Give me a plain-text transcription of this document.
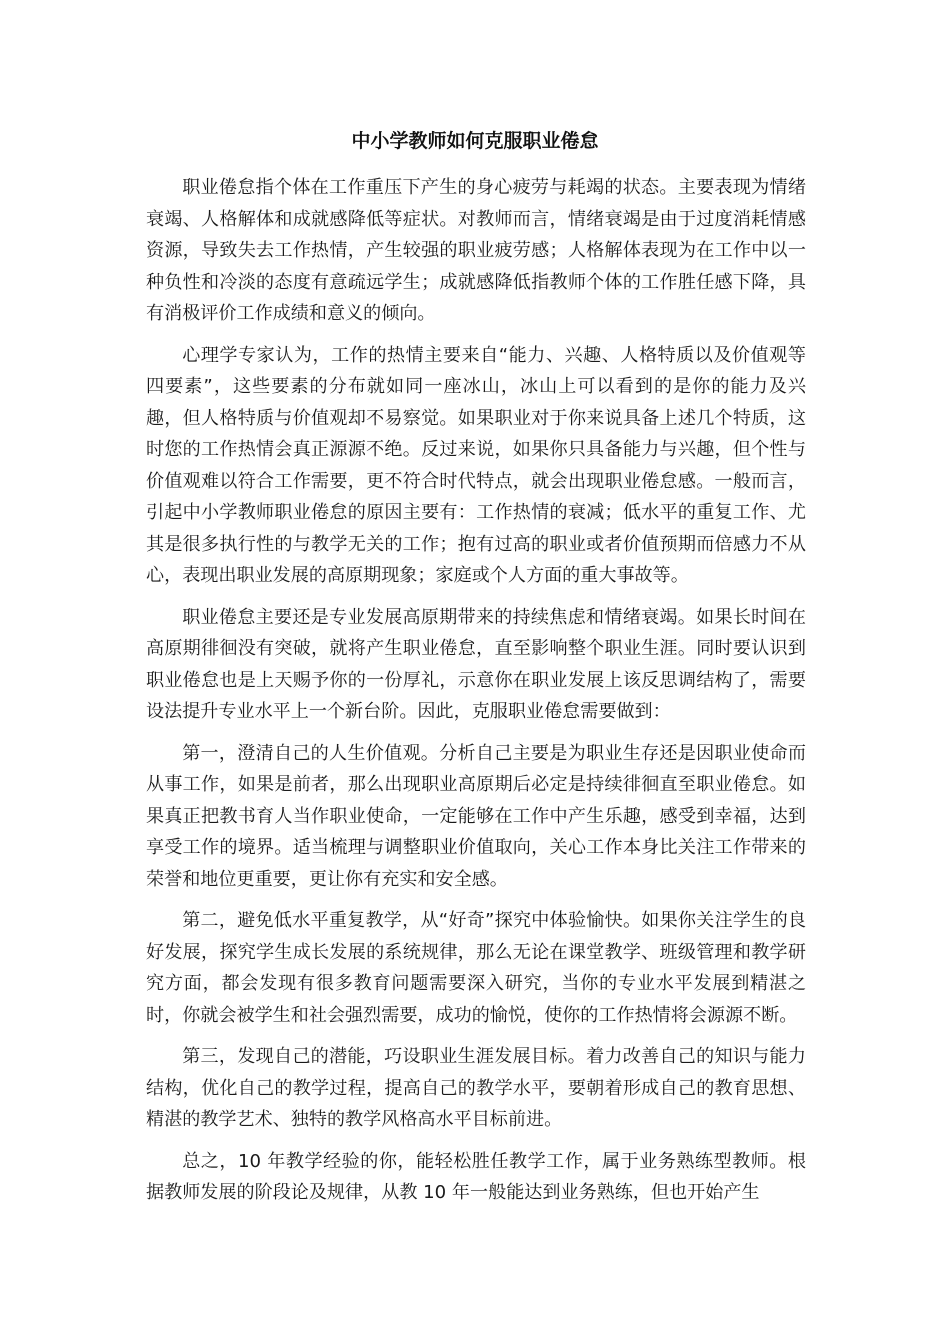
中小学教师如何克服职业倦怠

职业倦怠指个体在工作重压下产生的身心疲劳与耗竭的状态。主要表现为情绪衰竭、人格解体和成就感降低等症状。对教师而言，情绪衰竭是由于过度消耗情感资源，导致失去工作热情，产生较强的职业疲劳感；人格解体表现为在工作中以一种负性和冷淡的态度有意疏远学生；成就感降低指教师个体的工作胜任感下降，具有消极评价工作成绩和意义的倾向。

心理学专家认为，工作的热情主要来自“能力、兴趣、人格特质以及价值观等四要素”，这些要素的分布就如同一座冰山，冰山上可以看到的是你的能力及兴趣，但人格特质与价值观却不易察觉。如果职业对于你来说具备上述几个特质，这时您的工作热情会真正源源不绝。反过来说，如果你只具备能力与兴趣，但个性与价值观难以符合工作需要，更不符合时代特点，就会出现职业倦怠感。一般而言，引起中小学教师职业倦怠的原因主要有：工作热情的衰减；低水平的重复工作、尤其是很多执行性的与教学无关的工作；抱有过高的职业或者价值预期而倍感力不从心，表现出职业发展的高原期现象；家庭或个人方面的重大事故等。

职业倦怠主要还是专业发展高原期带来的持续焦虑和情绪衰竭。如果长时间在高原期徘徊没有突破，就将产生职业倦怠，直至影响整个职业生涯。同时要认识到职业倦怠也是上天赐予你的一份厚礼，示意你在职业发展上该反思调结构了，需要设法提升专业水平上一个新台阶。因此，克服职业倦怠需要做到：

第一，澄清自己的人生价值观。分析自己主要是为职业生存还是因职业使命而从事工作，如果是前者，那么出现职业高原期后必定是持续徘徊直至职业倦怠。如果真正把教书育人当作职业使命，一定能够在工作中产生乐趣，感受到幸福，达到享受工作的境界。适当梳理与调整职业价值取向，关心工作本身比关注工作带来的荣誉和地位更重要，更让你有充实和安全感。

第二，避免低水平重复教学，从“好奇”探究中体验愉快。如果你关注学生的良好发展，探究学生成长发展的系统规律，那么无论在课堂教学、班级管理和教学研究方面，都会发现有很多教育问题需要深入研究，当你的专业水平发展到精湛之时，你就会被学生和社会强烈需要，成功的愉悦，使你的工作热情将会源源不断。

第三，发现自己的潜能，巧设职业生涯发展目标。着力改善自己的知识与能力结构，优化自己的教学过程，提高自己的教学水平，要朝着形成自己的教育思想、精湛的教学艺术、独特的教学风格高水平目标前进。

总之，10 年教学经验的你，能轻松胜任教学工作，属于业务熟练型教师。根据教师发展的阶段论及规律，从教 10 年一般能达到业务熟练，但也开始产生
